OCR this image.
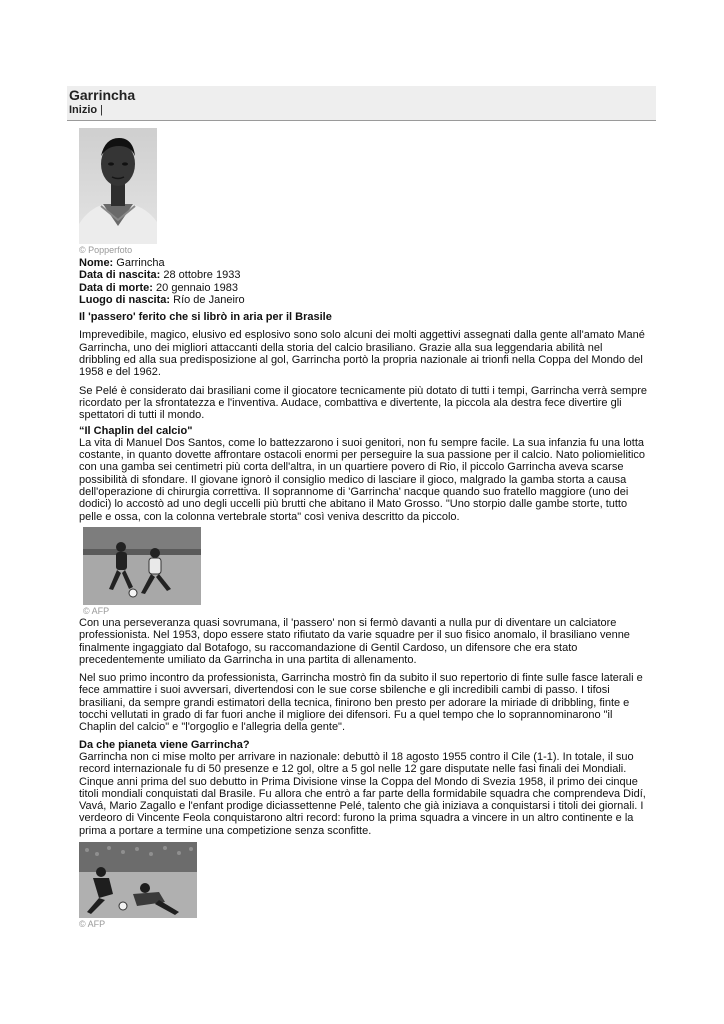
Garrincha
Inizio |
© Popperfoto
Nome: Garrincha
Data di nascita: 28 ottobre 1933
Data di morte: 20 gennaio 1983
Luogo di nascita: Río de Janeiro
Il 'passero' ferito che si librò in aria per il Brasile

Imprevedibile, magico, elusivo ed esplosivo sono solo alcuni dei molti aggettivi assegnati dalla gente all'amato Mané Garrincha, uno dei migliori attaccanti della storia del calcio brasiliano. Grazie alla sua leggendaria abilità nel dribbling ed alla sua predisposizione al gol, Garrincha portò la propria nazionale ai trionfi nella Coppa del Mondo del 1958 e del 1962.

Se Pelé è considerato dai brasiliani come il giocatore tecnicamente più dotato di tutti i tempi, Garrincha verrà sempre ricordato per la sfrontatezza e l'inventiva. Audace, combattiva e divertente, la piccola ala destra fece divertire gli spettatori di tutti il mondo.

“Il Chaplin del calcio"

La vita di Manuel Dos Santos, come lo battezzarono i suoi genitori, non fu sempre facile. La sua infanzia fu una lotta costante, in quanto dovette affrontare ostacoli enormi per perseguire la sua passione per il calcio. Nato poliomielitico con una gamba sei centimetri più corta dell'altra, in un quartiere povero di Rio, il piccolo Garrincha aveva scarse possibilità di sfondare. Il giovane ignorò il consiglio medico di lasciare il gioco, malgrado la gamba storta a causa dell'operazione di chirurgia correttiva. Il soprannome di 'Garrincha' nacque quando suo fratello maggiore (uno dei dodici) lo accostò ad uno degli uccelli più brutti che abitano il Mato Grosso. "Uno storpio dalle gambe storte, tutto pelle e ossa, con la colonna vertebrale storta" così veniva descritto da piccolo.

© AFP

Con una perseveranza quasi sovrumana, il 'passero' non si fermò davanti a nulla pur di diventare un calciatore professionista. Nel 1953, dopo essere stato rifiutato da varie squadre per il suo fisico anomalo, il brasiliano venne finalmente ingaggiato dal Botafogo, su raccomandazione di Gentil Cardoso, un difensore che era stato precedentemente umiliato da Garrincha in una partita di allenamento.

Nel suo primo incontro da professionista, Garrincha mostrò fin da subito il suo repertorio di finte sulle fasce laterali e fece ammattire i suoi avversari, divertendosi con le sue corse sbilenche e gli incredibili cambi di passo. I tifosi brasiliani, da sempre grandi estimatori della tecnica, finirono ben presto per adorare la miriade di dribbling, finte e tocchi vellutati in grado di far fuori anche il migliore dei difensori. Fu a quel tempo che lo soprannominarono "il Chaplin del calcio" e "l'orgoglio e l'allegria della gente".

Da che pianeta viene Garrincha?

Garrincha non ci mise molto per arrivare in nazionale: debuttò il 18 agosto 1955 contro il Cile (1-1). In totale, il suo record internazionale fu di 50 presenze e 12 gol, oltre a 5 gol nelle 12 gare disputate nelle fasi finali dei Mondiali. Cinque anni prima del suo debutto in Prima Divisione vinse la Coppa del Mondo di Svezia 1958, il primo dei cinque titoli mondiali conquistati dal Brasile. Fu allora che entrò a far parte della formidabile squadra che comprendeva Didí, Vavá, Mario Zagallo e l'enfant prodige diciassettenne Pelé, talento che già iniziava a conquistarsi i titoli dei giornali. I verdeoro di Vincente Feola conquistarono altri record: furono la prima squadra a vincere in un altro continente e la prima a portare a termine una competizione senza sconfitte.

© AFP
